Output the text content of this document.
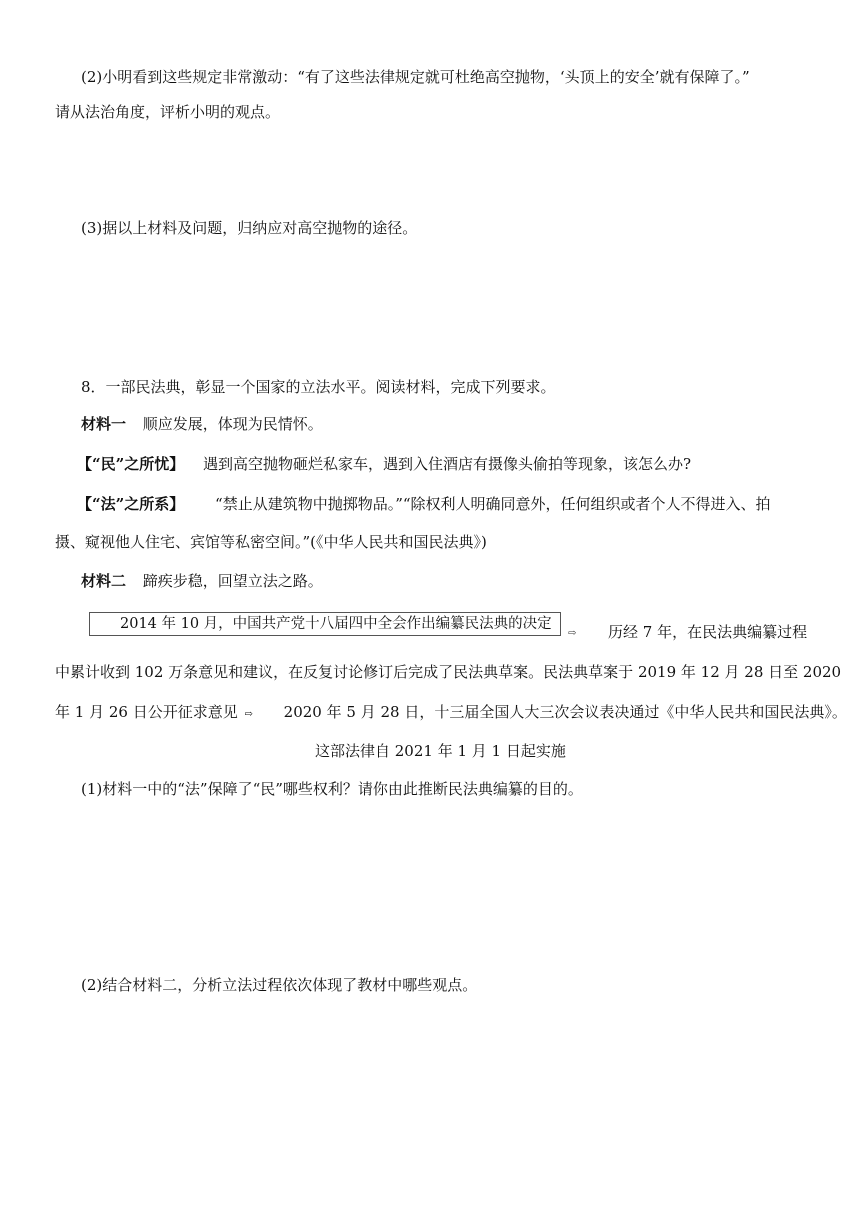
(2)小明看到这些规定非常激动：“有了这些法律规定就可杜绝高空抛物，‘头顶上的安全’就有保障了。”
请从法治角度，评析小明的观点。
(3)据以上材料及问题，归纳应对高空抛物的途径。
8．一部民法典，彰显一个国家的立法水平。阅读材料，完成下列要求。
材料一 顺应发展，体现为民情怀。
【“民”之所忧】 遇到高空抛物砸烂私家车，遇到入住酒店有摄像头偷拍等现象，该怎么办?
【“法”之所系】 “禁止从建筑物中抛掷物品。”“除权利人明确同意外，任何组织或者个人不得进入、拍
摄、窥视他人住宅、宾馆等私密空间。”(《中华人民共和国民法典》)
材料二 蹄疾步稳，回望立法之路。
2014 年 10 月，中国共产党十八届四中全会作出编纂民法典的决定
⇨ 历经 7 年，在民法典编纂过程
中累计收到 102 万条意见和建议，在反复讨论修订后完成了民法典草案。民法典草案于 2019 年 12 月 28 日至 2020
年 1 月 26 日公开征求意见 ⇨ 2020 年 5 月 28 日，十三届全国人大三次会议表决通过《中华人民共和国民法典》。
这部法律自 2021 年 1 月 1 日起实施
(1)材料一中的“法”保障了“民”哪些权利？请你由此推断民法典编纂的目的。
(2)结合材料二，分析立法过程依次体现了教材中哪些观点。
